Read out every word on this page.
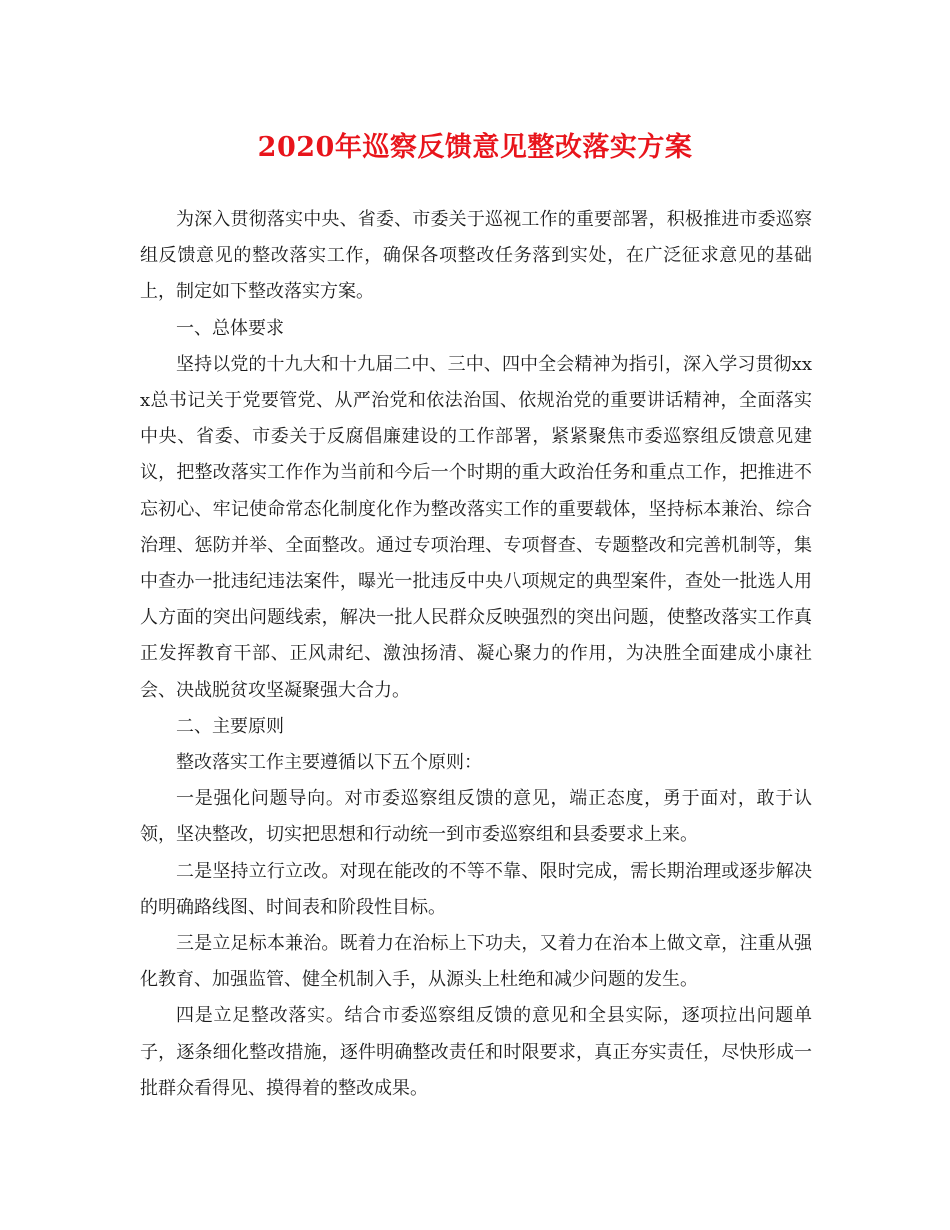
2020年巡察反馈意见整改落实方案

为深入贯彻落实中央、省委、市委关于巡视工作的重要部署，积极推进市委巡察组反馈意见的整改落实工作，确保各项整改任务落到实处，在广泛征求意见的基础上，制定如下整改落实方案。

一、总体要求

坚持以党的十九大和十九届二中、三中、四中全会精神为指引，深入学习贯彻xxx总书记关于党要管党、从严治党和依法治国、依规治党的重要讲话精神，全面落实中央、省委、市委关于反腐倡廉建设的工作部署，紧紧聚焦市委巡察组反馈意见建议，把整改落实工作作为当前和今后一个时期的重大政治任务和重点工作，把推进不忘初心、牢记使命常态化制度化作为整改落实工作的重要载体，坚持标本兼治、综合治理、惩防并举、全面整改。通过专项治理、专项督查、专题整改和完善机制等，集中查办一批违纪违法案件，曝光一批违反中央八项规定的典型案件，查处一批选人用人方面的突出问题线索，解决一批人民群众反映强烈的突出问题，使整改落实工作真正发挥教育干部、正风肃纪、激浊扬清、凝心聚力的作用，为决胜全面建成小康社会、决战脱贫攻坚凝聚强大合力。

二、主要原则

整改落实工作主要遵循以下五个原则：

一是强化问题导向。对市委巡察组反馈的意见，端正态度，勇于面对，敢于认领，坚决整改，切实把思想和行动统一到市委巡察组和县委要求上来。

二是坚持立行立改。对现在能改的不等不靠、限时完成，需长期治理或逐步解决的明确路线图、时间表和阶段性目标。

三是立足标本兼治。既着力在治标上下功夫，又着力在治本上做文章，注重从强化教育、加强监管、健全机制入手，从源头上杜绝和减少问题的发生。

四是立足整改落实。结合市委巡察组反馈的意见和全县实际，逐项拉出问题单子，逐条细化整改措施，逐件明确整改责任和时限要求，真正夯实责任，尽快形成一批群众看得见、摸得着的整改成果。
